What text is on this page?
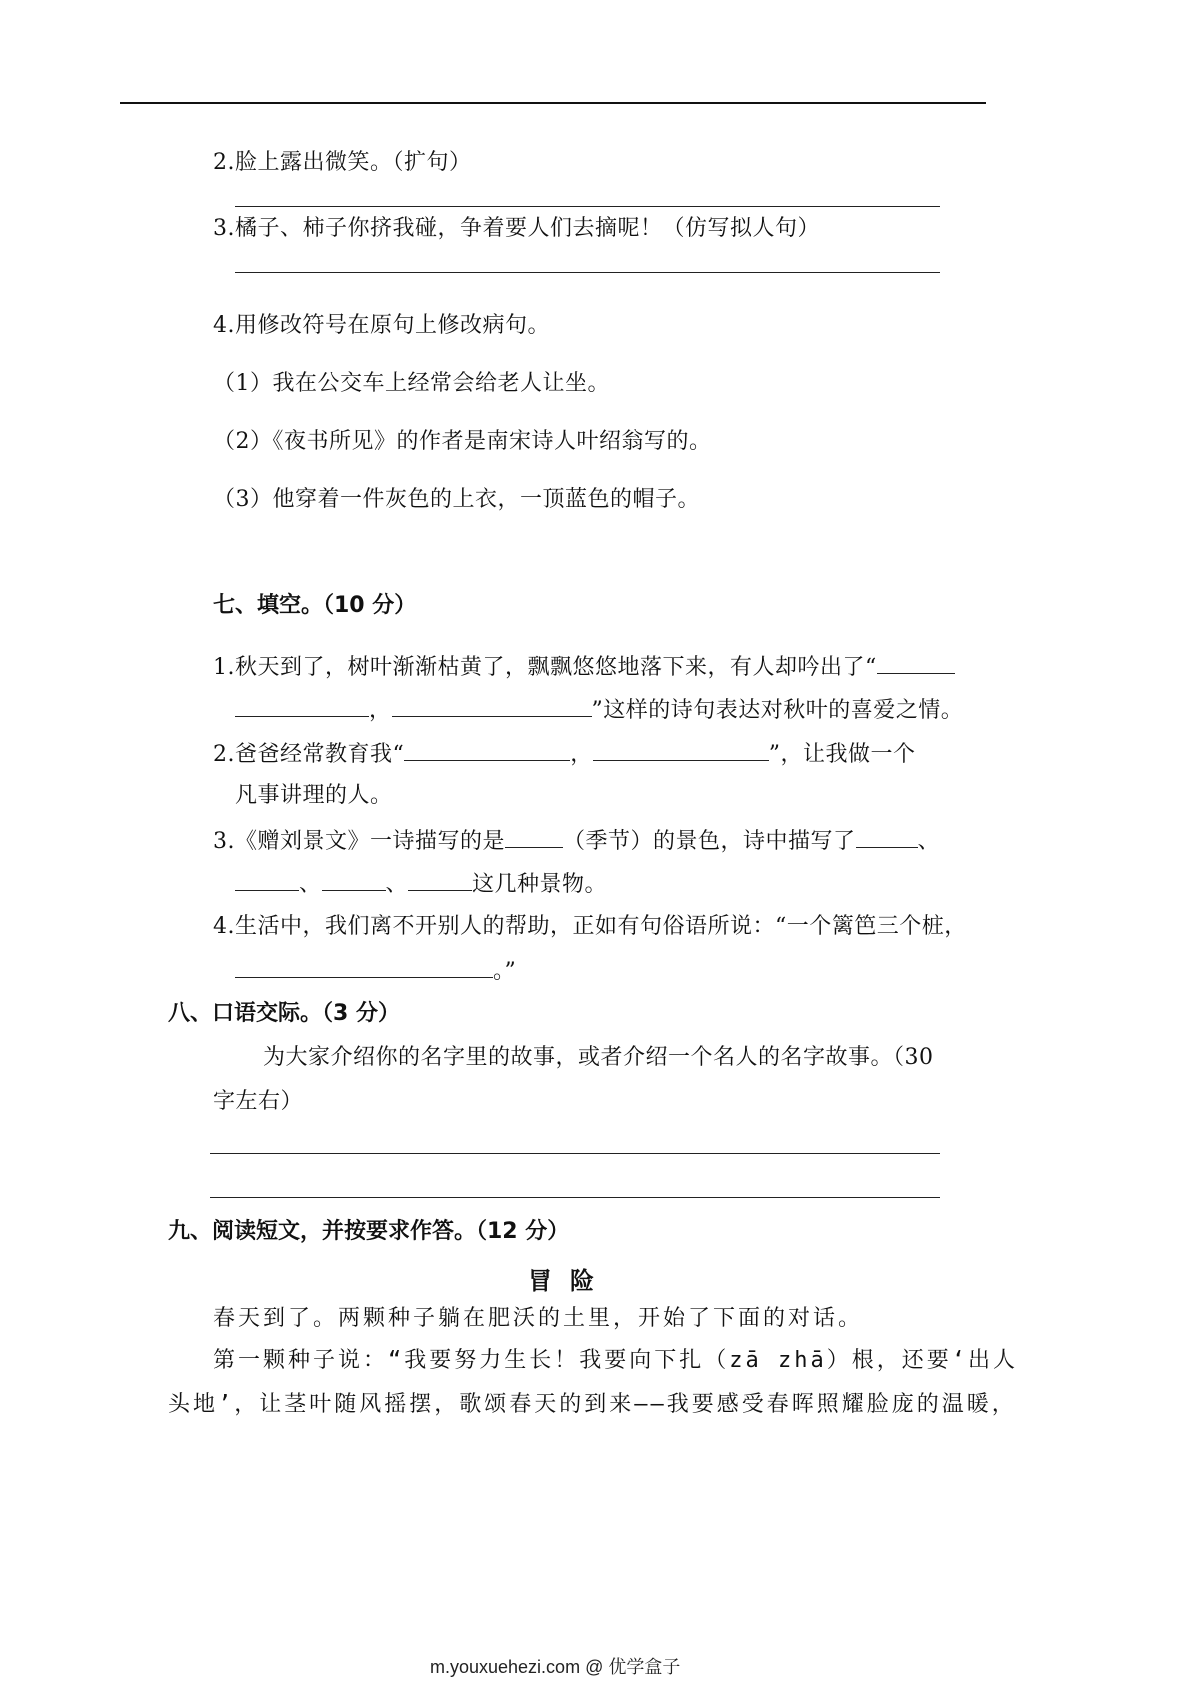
2.脸上露出微笑。（扩句）
3.橘子、柿子你挤我碰，争着要人们去摘呢！（仿写拟人句）
4.用修改符号在原句上修改病句。
（1）我在公交车上经常会给老人让坐。
（2）《夜书所见》的作者是南宋诗人叶绍翁写的。
（3）他穿着一件灰色的上衣，一顶蓝色的帽子。
七、填空。（10 分）
1.秋天到了，树叶渐渐枯黄了，飘飘悠悠地落下来，有人却吟出了“
，	”这样的诗句表达对秋叶的喜爱之情。
2.爸爸经常教育我“	，	”，让我做一个
凡事讲理的人。
3.《赠刘景文》一诗描写的是	（季节）的景色，诗中描写了	、
、	、	这几种景物。
4.生活中，我们离不开别人的帮助，正如有句俗语所说：“一个篱笆三个桩，
。”
八、口语交际。（3 分）
为大家介绍你的名字里的故事，或者介绍一个名人的名字故事。（30
字左右）
九、阅读短文，并按要求作答。（12 分）
冒险
春天到了。两颗种子躺在肥沃的土里，开始了下面的对话。
第一颗种子说：“我要努力生长！我要向下扎（zā zhā）根，还要‘出人
头地’，让茎叶随风摇摆，歌颂春天的到来——我要感受春晖照耀脸庞的温暖，
m.youxuehezi.com @ 优学盒子
